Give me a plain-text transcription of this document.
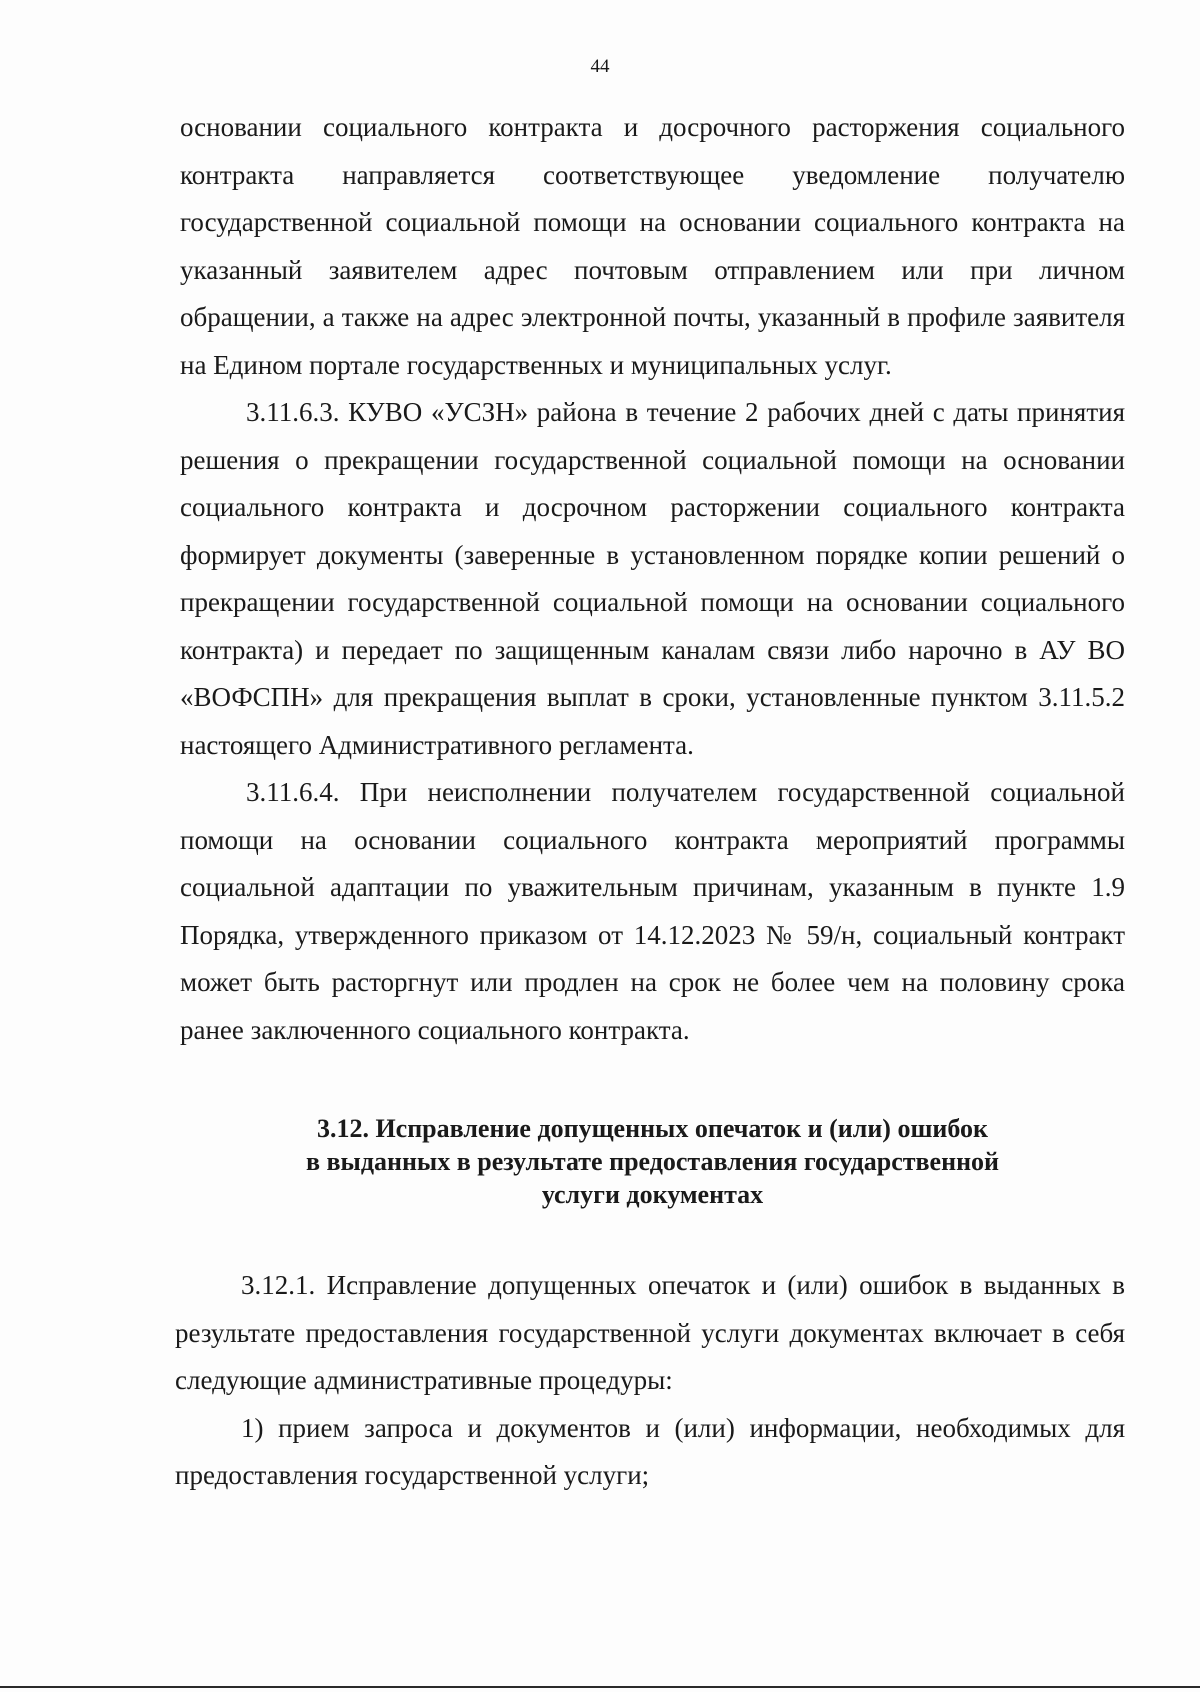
44

основании социального контракта и досрочного расторжения социального контракта направляется соответствующее уведомление получателю государственной социальной помощи на основании социального контракта на указанный заявителем адрес почтовым отправлением или при личном обращении, а также на адрес электронной почты, указанный в профиле заявителя на Едином портале государственных и муниципальных услуг.

3.11.6.3. КУВО «УСЗН» района в течение 2 рабочих дней с даты принятия решения о прекращении государственной социальной помощи на основании социального контракта и досрочном расторжении социального контракта формирует документы (заверенные в установленном порядке копии решений о прекращении государственной социальной помощи на основании социального контракта) и передает по защищенным каналам связи либо нарочно в АУ ВО «ВОФСПН» для прекращения выплат в сроки, установленные пунктом 3.11.5.2 настоящего Административного регламента.

3.11.6.4. При неисполнении получателем государственной социальной помощи на основании социального контракта мероприятий программы социальной адаптации по уважительным причинам, указанным в пункте 1.9 Порядка, утвержденного приказом от 14.12.2023 № 59/н, социальный контракт может быть расторгнут или продлен на срок не более чем на половину срока ранее заключенного социального контракта.

3.12. Исправление допущенных опечаток и (или) ошибок
в выданных в результате предоставления государственной
услуги документах

3.12.1. Исправление допущенных опечаток и (или) ошибок в выданных в результате предоставления государственной услуги документах включает в себя следующие административные процедуры:

1) прием запроса и документов и (или) информации, необходимых для предоставления государственной услуги;
